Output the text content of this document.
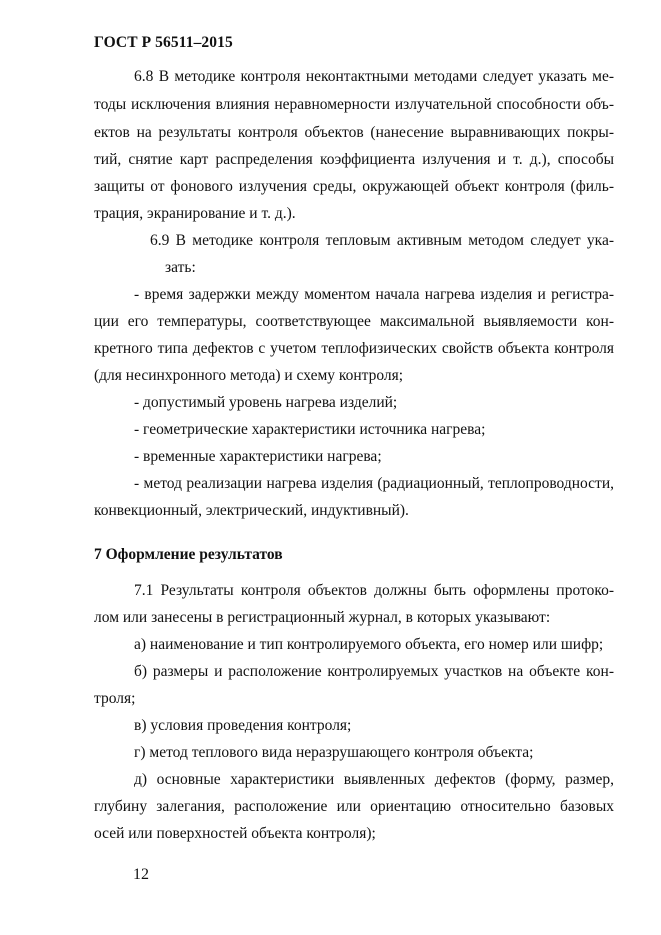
ГОСТ Р 56511–2015
6.8 В методике контроля неконтактными методами следует указать ме-
тоды исключения влияния неравномерности излучательной способности объ-
ектов на результаты контроля объектов (нанесение выравнивающих покры-
тий, снятие карт распределения коэффициента излучения и т. д.), способы
защиты от фонового излучения среды, окружающей объект контроля (филь-
трация, экранирование и т. д.).
6.9 В методике контроля тепловым активным методом следует ука-
зать:
- время задержки между моментом начала нагрева изделия и регистра-
ции его температуры, соответствующее максимальной выявляемости кон-
кретного типа дефектов с учетом теплофизических свойств объекта контроля
(для несинхронного метода) и схему контроля;
- допустимый уровень нагрева изделий;
- геометрические характеристики источника нагрева;
- временные характеристики нагрева;
- метод реализации нагрева изделия (радиационный, теплопроводности,
конвекционный, электрический, индуктивный).
7 Оформление результатов
7.1 Результаты контроля объектов должны быть оформлены протоко-
лом или занесены в регистрационный журнал, в которых указывают:
а) наименование и тип контролируемого объекта, его номер или шифр;
б) размеры и расположение контролируемых участков на объекте кон-
троля;
в) условия проведения контроля;
г) метод теплового вида неразрушающего контроля объекта;
д) основные характеристики выявленных дефектов (форму, размер,
глубину залегания, расположение или ориентацию относительно базовых
осей или поверхностей объекта контроля);
12
